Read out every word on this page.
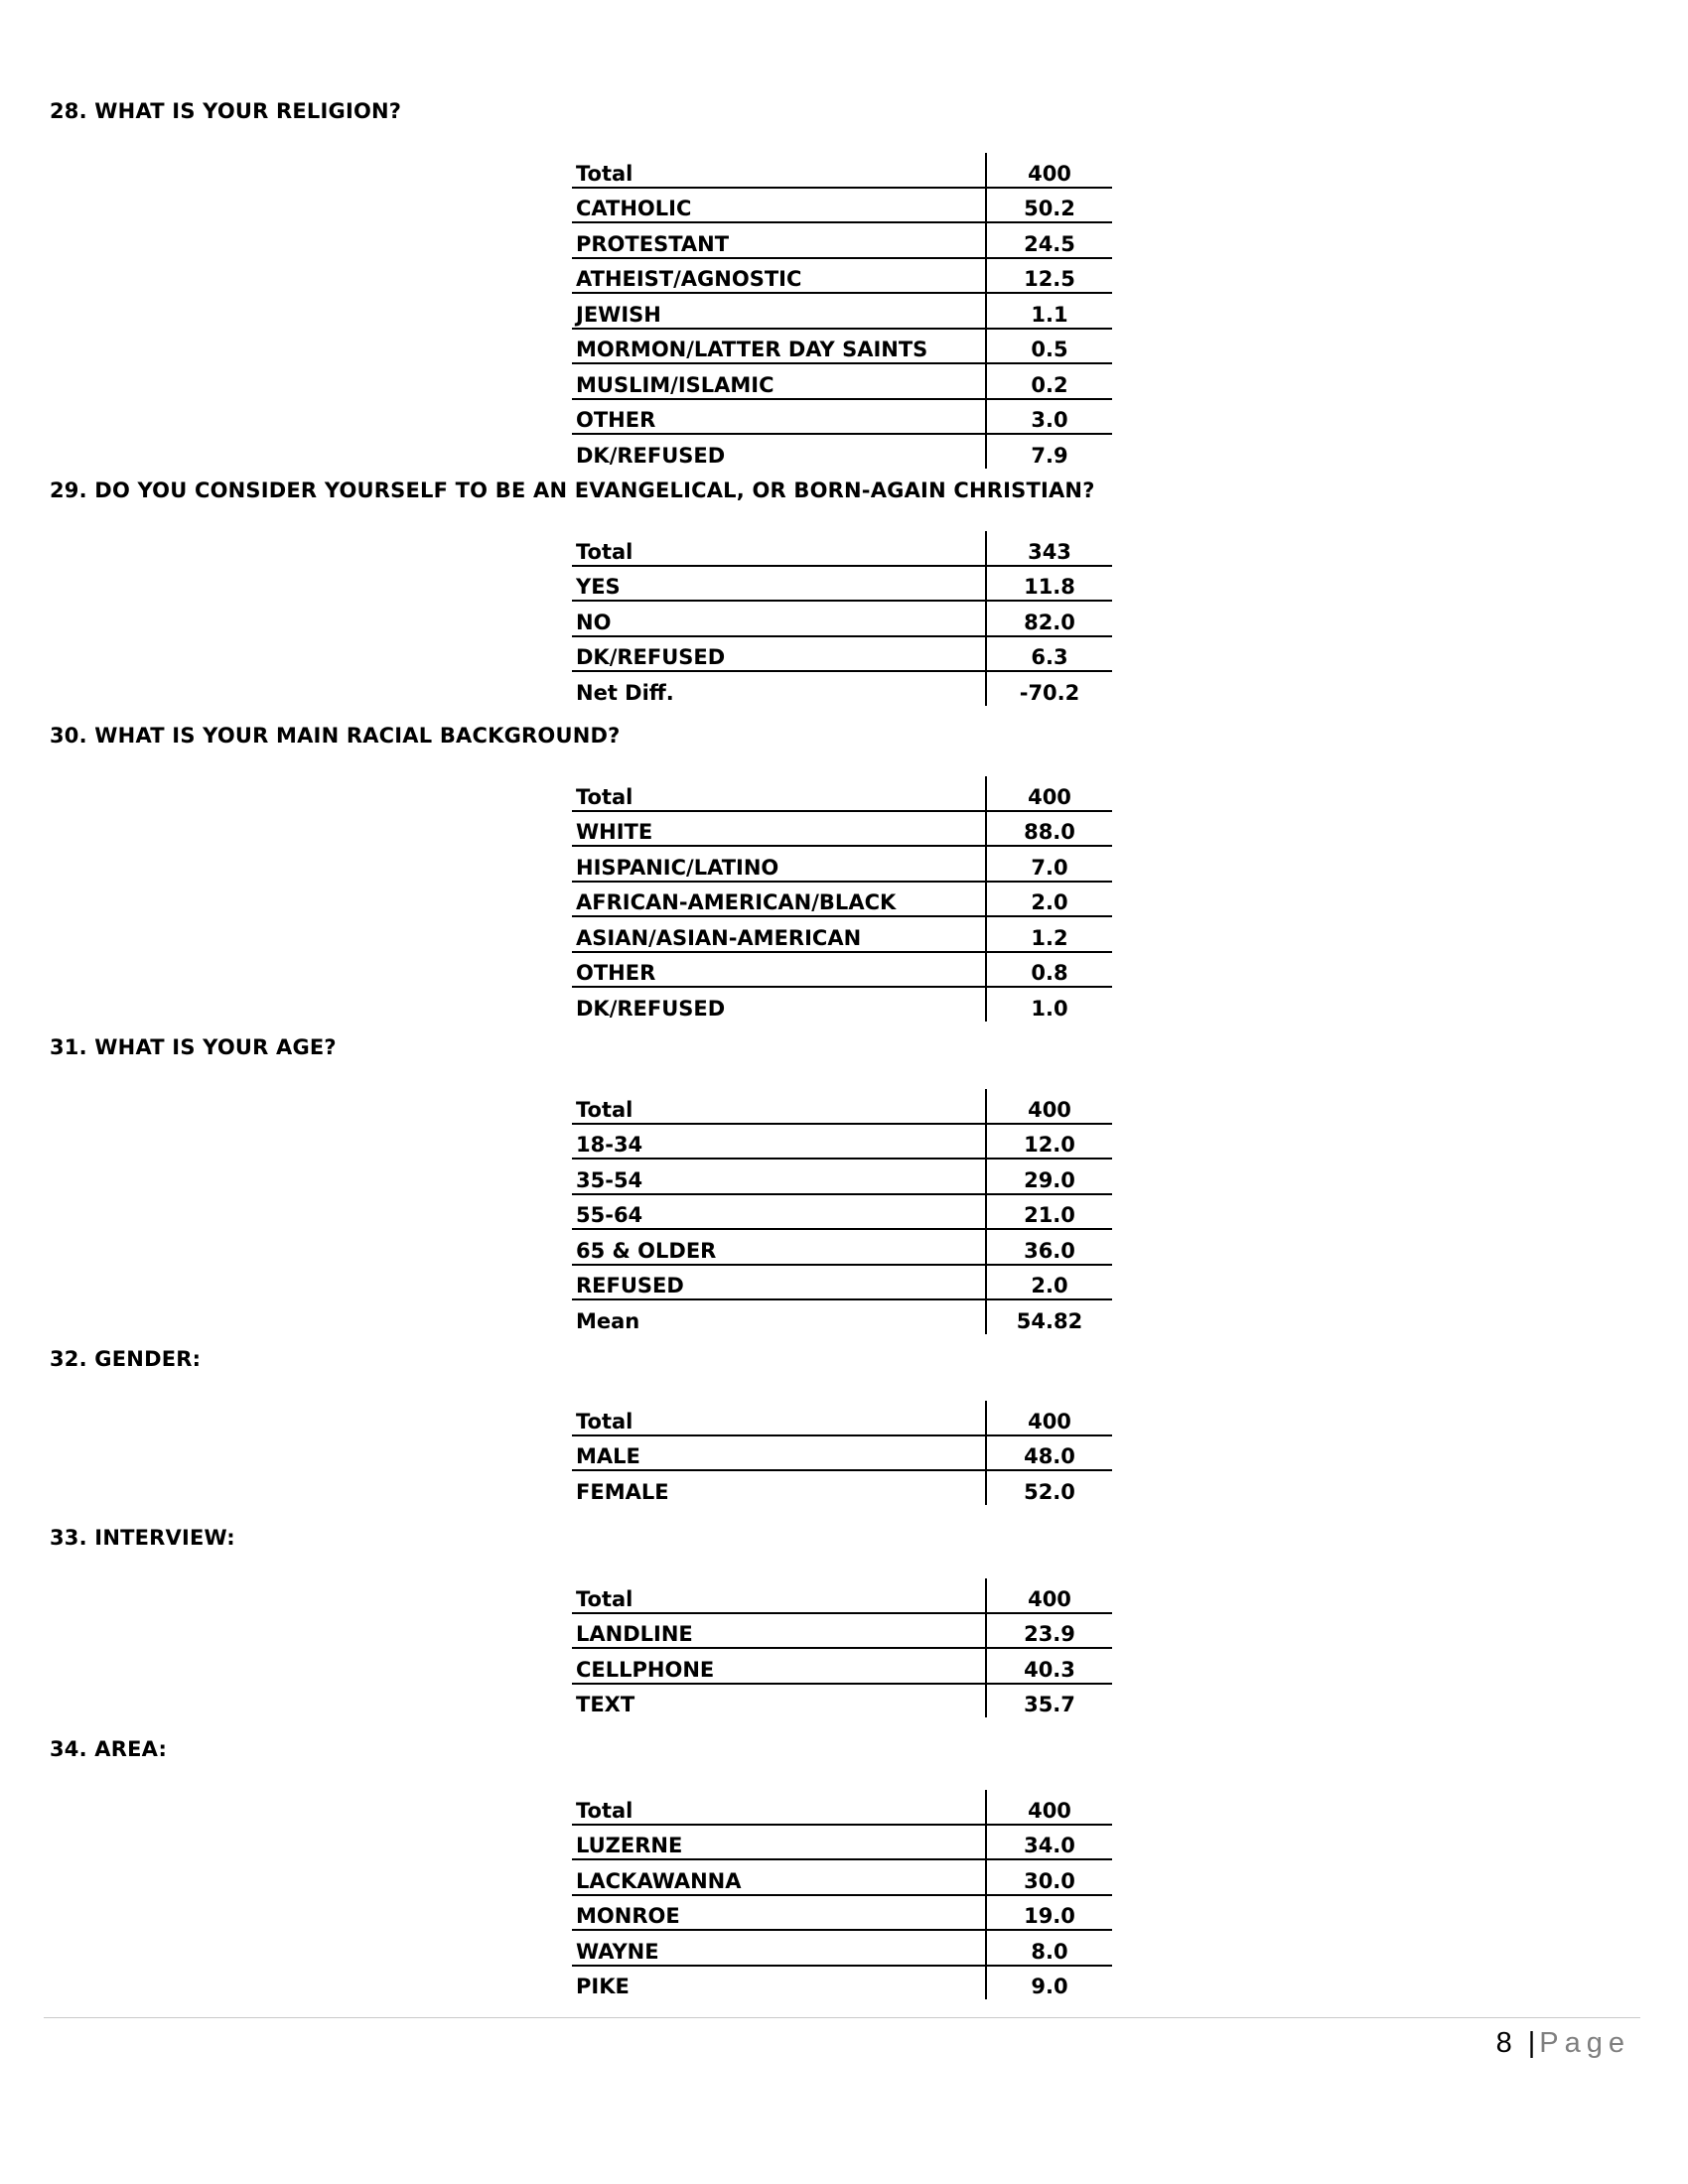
28. WHAT IS YOUR RELIGION?
Total	400
CATHOLIC	50.2
PROTESTANT	24.5
ATHEIST/AGNOSTIC	12.5
JEWISH	1.1
MORMON/LATTER DAY SAINTS	0.5
MUSLIM/ISLAMIC	0.2
OTHER	3.0
DK/REFUSED	7.9
29. DO YOU CONSIDER YOURSELF TO BE AN EVANGELICAL, OR BORN-AGAIN CHRISTIAN?
Total	343
YES	11.8
NO	82.0
DK/REFUSED	6.3
Net Diff.	-70.2
30. WHAT IS YOUR MAIN RACIAL BACKGROUND?
Total	400
WHITE	88.0
HISPANIC/LATINO	7.0
AFRICAN-AMERICAN/BLACK	2.0
ASIAN/ASIAN-AMERICAN	1.2
OTHER	0.8
DK/REFUSED	1.0
31. WHAT IS YOUR AGE?
Total	400
18-34	12.0
35-54	29.0
55-64	21.0
65 & OLDER	36.0
REFUSED	2.0
Mean	54.82
32. GENDER:
Total	400
MALE	48.0
FEMALE	52.0
33. INTERVIEW:
Total	400
LANDLINE	23.9
CELLPHONE	40.3
TEXT	35.7
34. AREA:
Total	400
LUZERNE	34.0
LACKAWANNA	30.0
MONROE	19.0
WAYNE	8.0
PIKE	9.0
8 | Page
